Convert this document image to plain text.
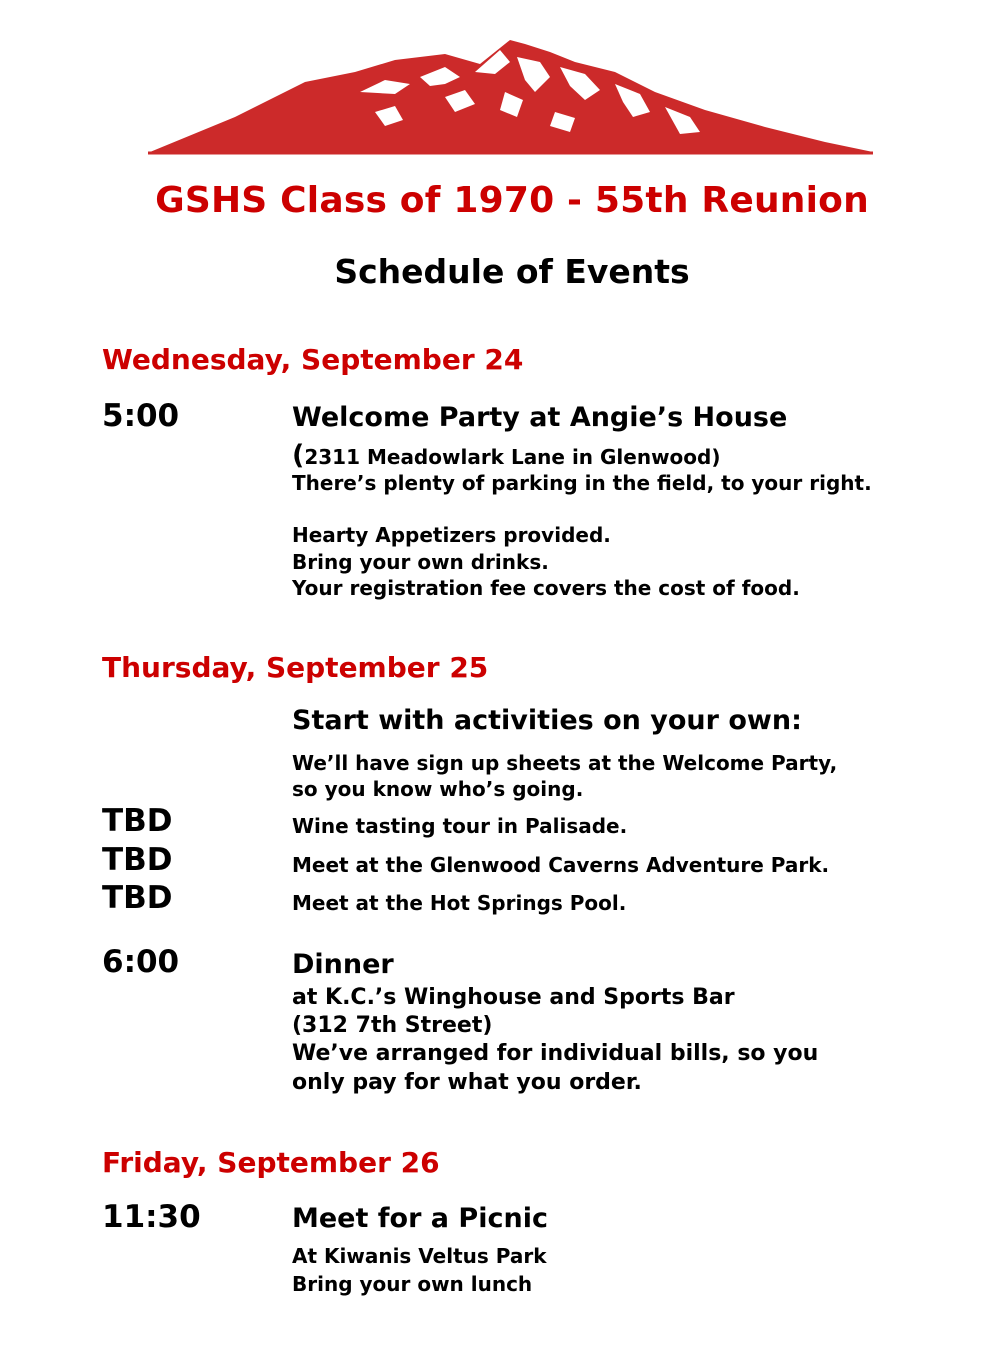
GSHS Class of 1970 - 55th Reunion
Schedule of Events
Wednesday, September 24
5:00	Welcome Party at Angie’s House
(2311 Meadowlark Lane in Glenwood)
There’s plenty of parking in the field, to your right.
Hearty Appetizers provided.
Bring your own drinks.
Your registration fee covers the cost of food.
Thursday, September 25
Start with activities on your own:
We’ll have sign up sheets at the Welcome Party,
so you know who’s going.
TBD	Wine tasting tour in Palisade.
TBD	Meet at the Glenwood Caverns Adventure Park.
TBD	Meet at the Hot Springs Pool.
6:00	Dinner
at K.C.’s Winghouse and Sports Bar
(312 7th Street)
We’ve arranged for individual bills, so you
only pay for what you order.
Friday, September 26
11:30	Meet for a Picnic
At Kiwanis Veltus Park
Bring your own lunch
